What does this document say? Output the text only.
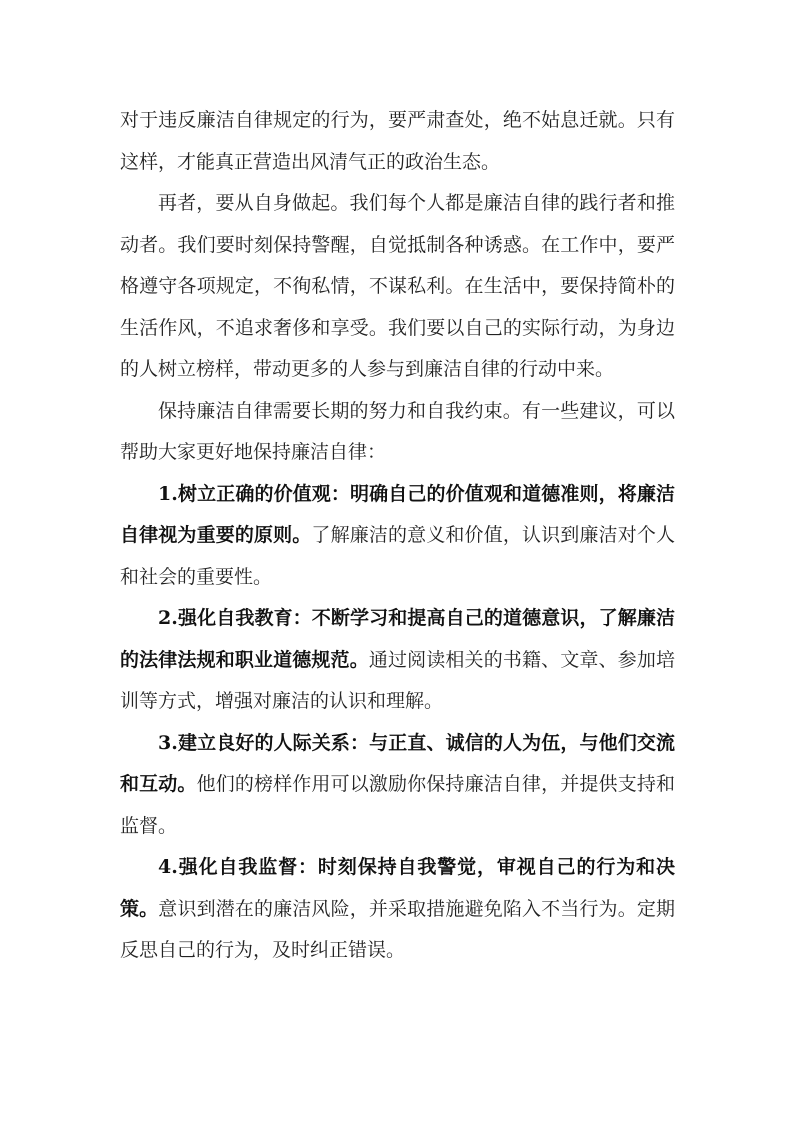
对于违反廉洁自律规定的行为，要严肃查处，绝不姑息迁就。只有这样，才能真正营造出风清气正的政治生态。

再者，要从自身做起。我们每个人都是廉洁自律的践行者和推动者。我们要时刻保持警醒，自觉抵制各种诱惑。在工作中，要严格遵守各项规定，不徇私情，不谋私利。在生活中，要保持简朴的生活作风，不追求奢侈和享受。我们要以自己的实际行动，为身边的人树立榜样，带动更多的人参与到廉洁自律的行动中来。

保持廉洁自律需要长期的努力和自我约束。有一些建议，可以帮助大家更好地保持廉洁自律：

1.树立正确的价值观：明确自己的价值观和道德准则，将廉洁自律视为重要的原则。了解廉洁的意义和价值，认识到廉洁对个人和社会的重要性。

2.强化自我教育：不断学习和提高自己的道德意识，了解廉洁的法律法规和职业道德规范。通过阅读相关的书籍、文章、参加培训等方式，增强对廉洁的认识和理解。

3.建立良好的人际关系：与正直、诚信的人为伍，与他们交流和互动。他们的榜样作用可以激励你保持廉洁自律，并提供支持和监督。

4.强化自我监督：时刻保持自我警觉，审视自己的行为和决策。意识到潜在的廉洁风险，并采取措施避免陷入不当行为。定期反思自己的行为，及时纠正错误。
